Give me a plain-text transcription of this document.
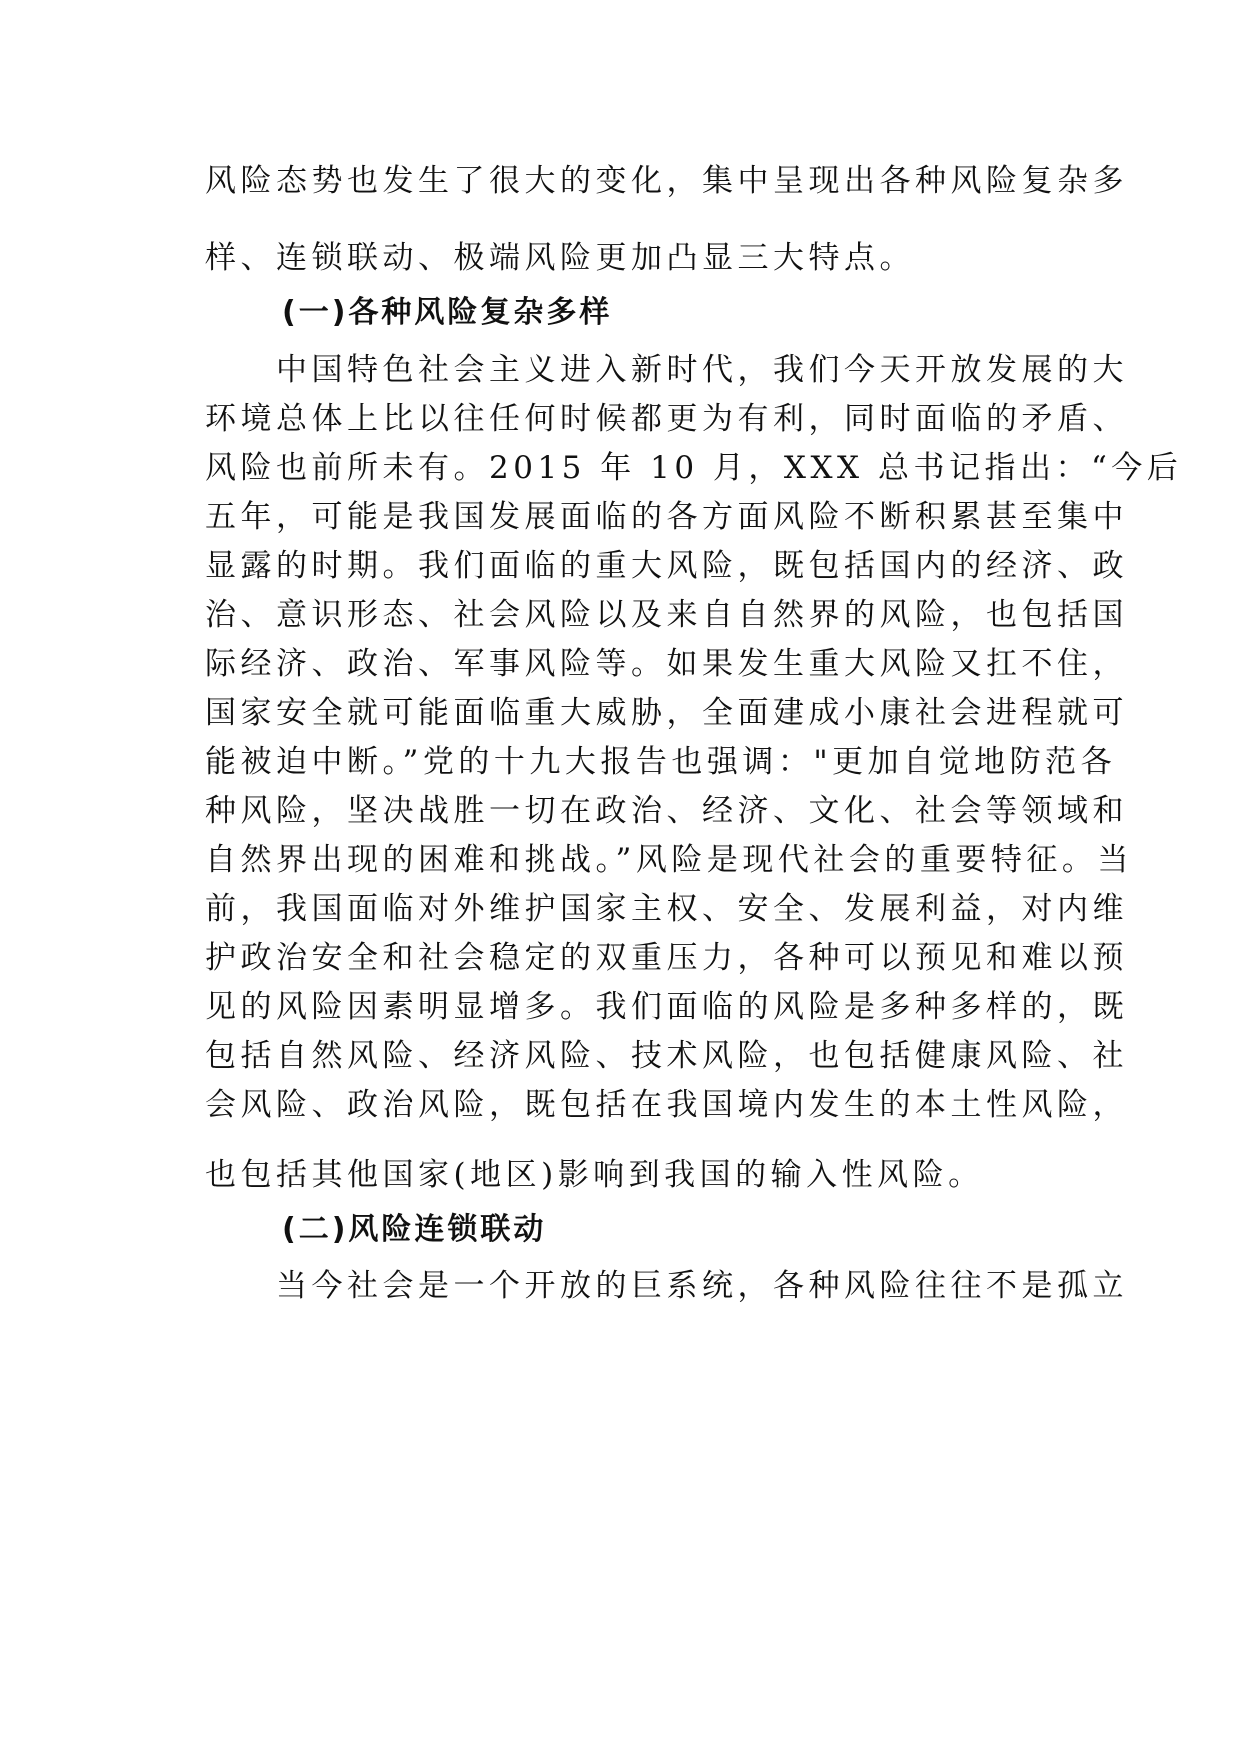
风险态势也发生了很大的变化，集中呈现出各种风险复杂多
样、连锁联动、极端风险更加凸显三大特点。
(一)各种风险复杂多样
　　中国特色社会主义进入新时代，我们今天开放发展的大
环境总体上比以往任何时候都更为有利，同时面临的矛盾、
风险也前所未有。2015 年 10 月，XXX 总书记指出：“今后
五年，可能是我国发展面临的各方面风险不断积累甚至集中
显露的时期。我们面临的重大风险，既包括国内的经济、政
治、意识形态、社会风险以及来自自然界的风险，也包括国
际经济、政治、军事风险等。如果发生重大风险又扛不住，
国家安全就可能面临重大威胁，全面建成小康社会进程就可
能被迫中断。”党的十九大报告也强调："更加自觉地防范各
种风险，坚决战胜一切在政治、经济、文化、社会等领域和
自然界出现的困难和挑战。”风险是现代社会的重要特征。当
前，我国面临对外维护国家主权、安全、发展利益，对内维
护政治安全和社会稳定的双重压力，各种可以预见和难以预
见的风险因素明显增多。我们面临的风险是多种多样的，既
包括自然风险、经济风险、技术风险，也包括健康风险、社
会风险、政治风险，既包括在我国境内发生的本土性风险，
也包括其他国家(地区)影响到我国的输入性风险。
(二)风险连锁联动
　　当今社会是一个开放的巨系统，各种风险往往不是孤立
